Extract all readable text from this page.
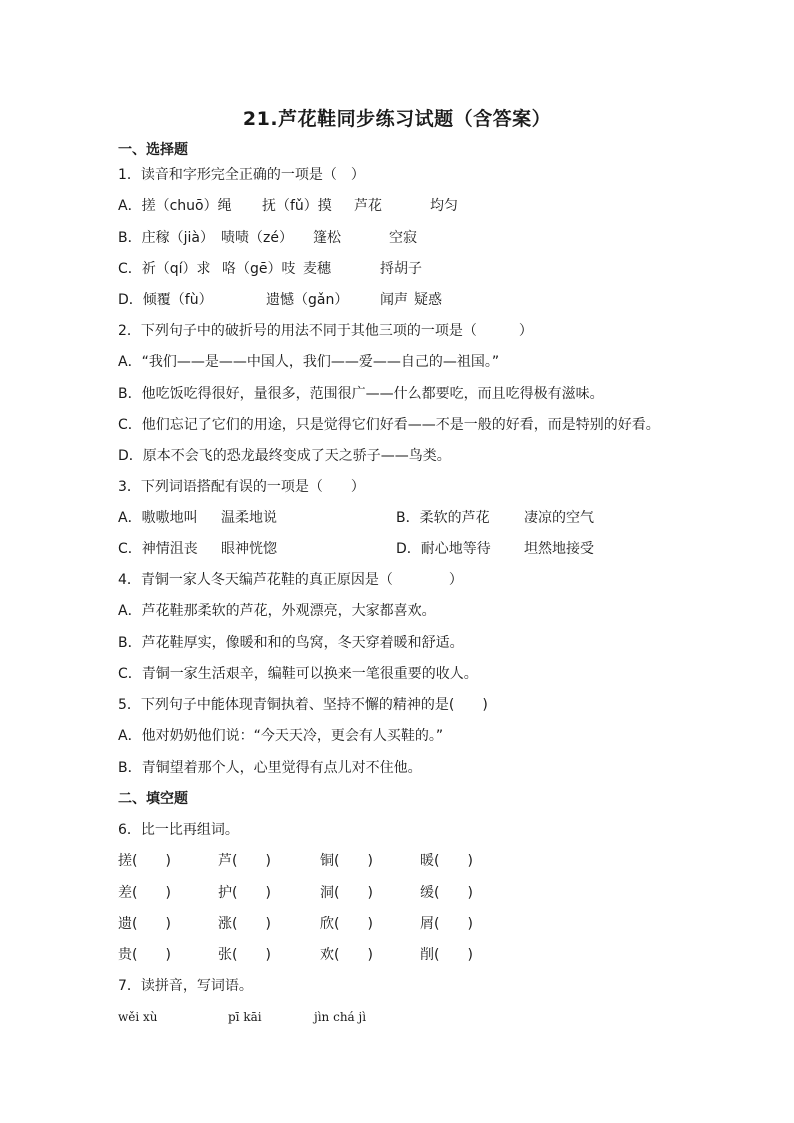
21.芦花鞋同步练习试题（含答案）
一、选择题
1．读音和字形完全正确的一项是（　）
A．搓（chuō）绳 抚（fǔ）摸 芦花	均匀
B．庄稼（jià） 啧啧（zé） 篷松	空寂
C．祈（qí）求 咯（gē）吱 麦穗	捋胡子
D．倾覆（fù）	遗憾（gǎn） 闻声 疑惑
2．下列句子中的破折号的用法不同于其他三项的一项是（　　　）
A．“我们——是——中国人，我们——爱——自己的—祖国。”
B．他吃饭吃得很好，量很多，范围很广——什么都要吃，而且吃得极有滋味。
C．他们忘记了它们的用途，只是觉得它们好看——不是一般的好看，而是特别的好看。
D．原本不会飞的恐龙最终变成了天之骄子——鸟类。
3．下列词语搭配有误的一项是（　　）
A．嗷嗷地叫 温柔地说	B．柔软的芦花 凄凉的空气
C．神情沮丧 眼神恍惚	D．耐心地等待 坦然地接受
4．青铜一家人冬天编芦花鞋的真正原因是（　　　　）
A．芦花鞋那柔软的芦花，外观漂亮，大家都喜欢。
B．芦花鞋厚实，像暖和和的鸟窝，冬天穿着暖和舒适。
C．青铜一家生活艰辛，编鞋可以换来一笔很重要的收人。
5．下列句子中能体现青铜执着、坚持不懈的精神的是(　　)
A．他对奶奶他们说：“今天天冷，更会有人买鞋的。”
B．青铜望着那个人，心里觉得有点儿对不住他。
二、填空题
6．比一比再组词。
搓(　　)	芦(　　)	铜(　　)	暖(　　)
差(　　)	护(　　)	洞(　　)	缓(　　)
遗(　　)	涨(　　)	欣(　　)	屑(　　)
贵(　　)	张(　　)	欢(　　)	削(　　)
7．读拼音，写词语。
wěi xù	pī kāi	jìn chá jì
